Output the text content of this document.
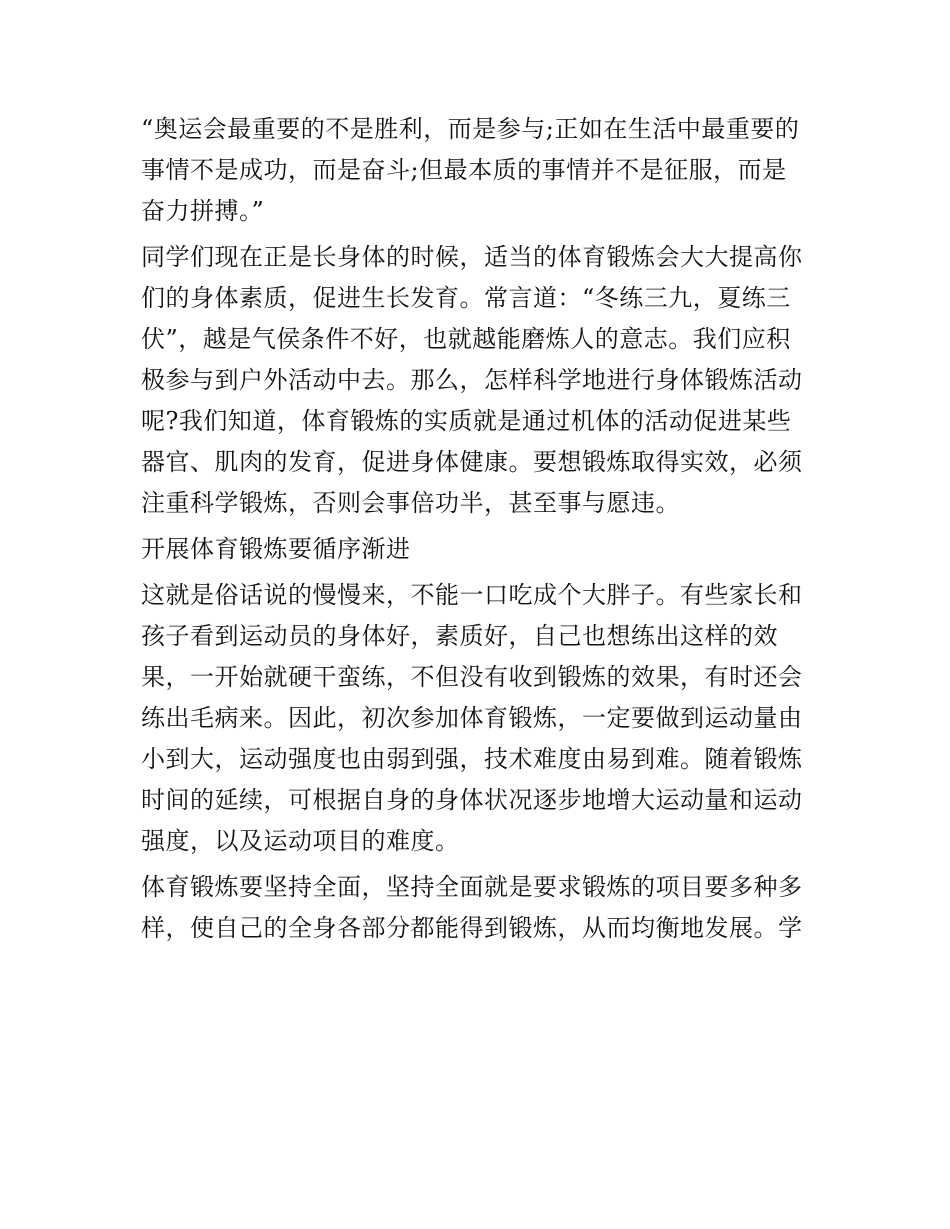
“奥运会最重要的不是胜利，而是参与;正如在生活中最重要的
事情不是成功，而是奋斗;但最本质的事情并不是征服，而是
奋力拼搏。”
同学们现在正是长身体的时候，适当的体育锻炼会大大提高你
们的身体素质，促进生长发育。常言道：“冬练三九，夏练三
伏”，越是气侯条件不好，也就越能磨炼人的意志。我们应积
极参与到户外活动中去。那么，怎样科学地进行身体锻炼活动
呢?我们知道，体育锻炼的实质就是通过机体的活动促进某些
器官、肌肉的发育，促进身体健康。要想锻炼取得实效，必须
注重科学锻炼，否则会事倍功半，甚至事与愿违。
开展体育锻炼要循序渐进
这就是俗话说的慢慢来，不能一口吃成个大胖子。有些家长和
孩子看到运动员的身体好，素质好，自己也想练出这样的效
果，一开始就硬干蛮练，不但没有收到锻炼的效果，有时还会
练出毛病来。因此，初次参加体育锻炼，一定要做到运动量由
小到大，运动强度也由弱到强，技术难度由易到难。随着锻炼
时间的延续，可根据自身的身体状况逐步地增大运动量和运动
强度，以及运动项目的难度。
体育锻炼要坚持全面，坚持全面就是要求锻炼的项目要多种多
样，使自己的全身各部分都能得到锻炼，从而均衡地发展。学
